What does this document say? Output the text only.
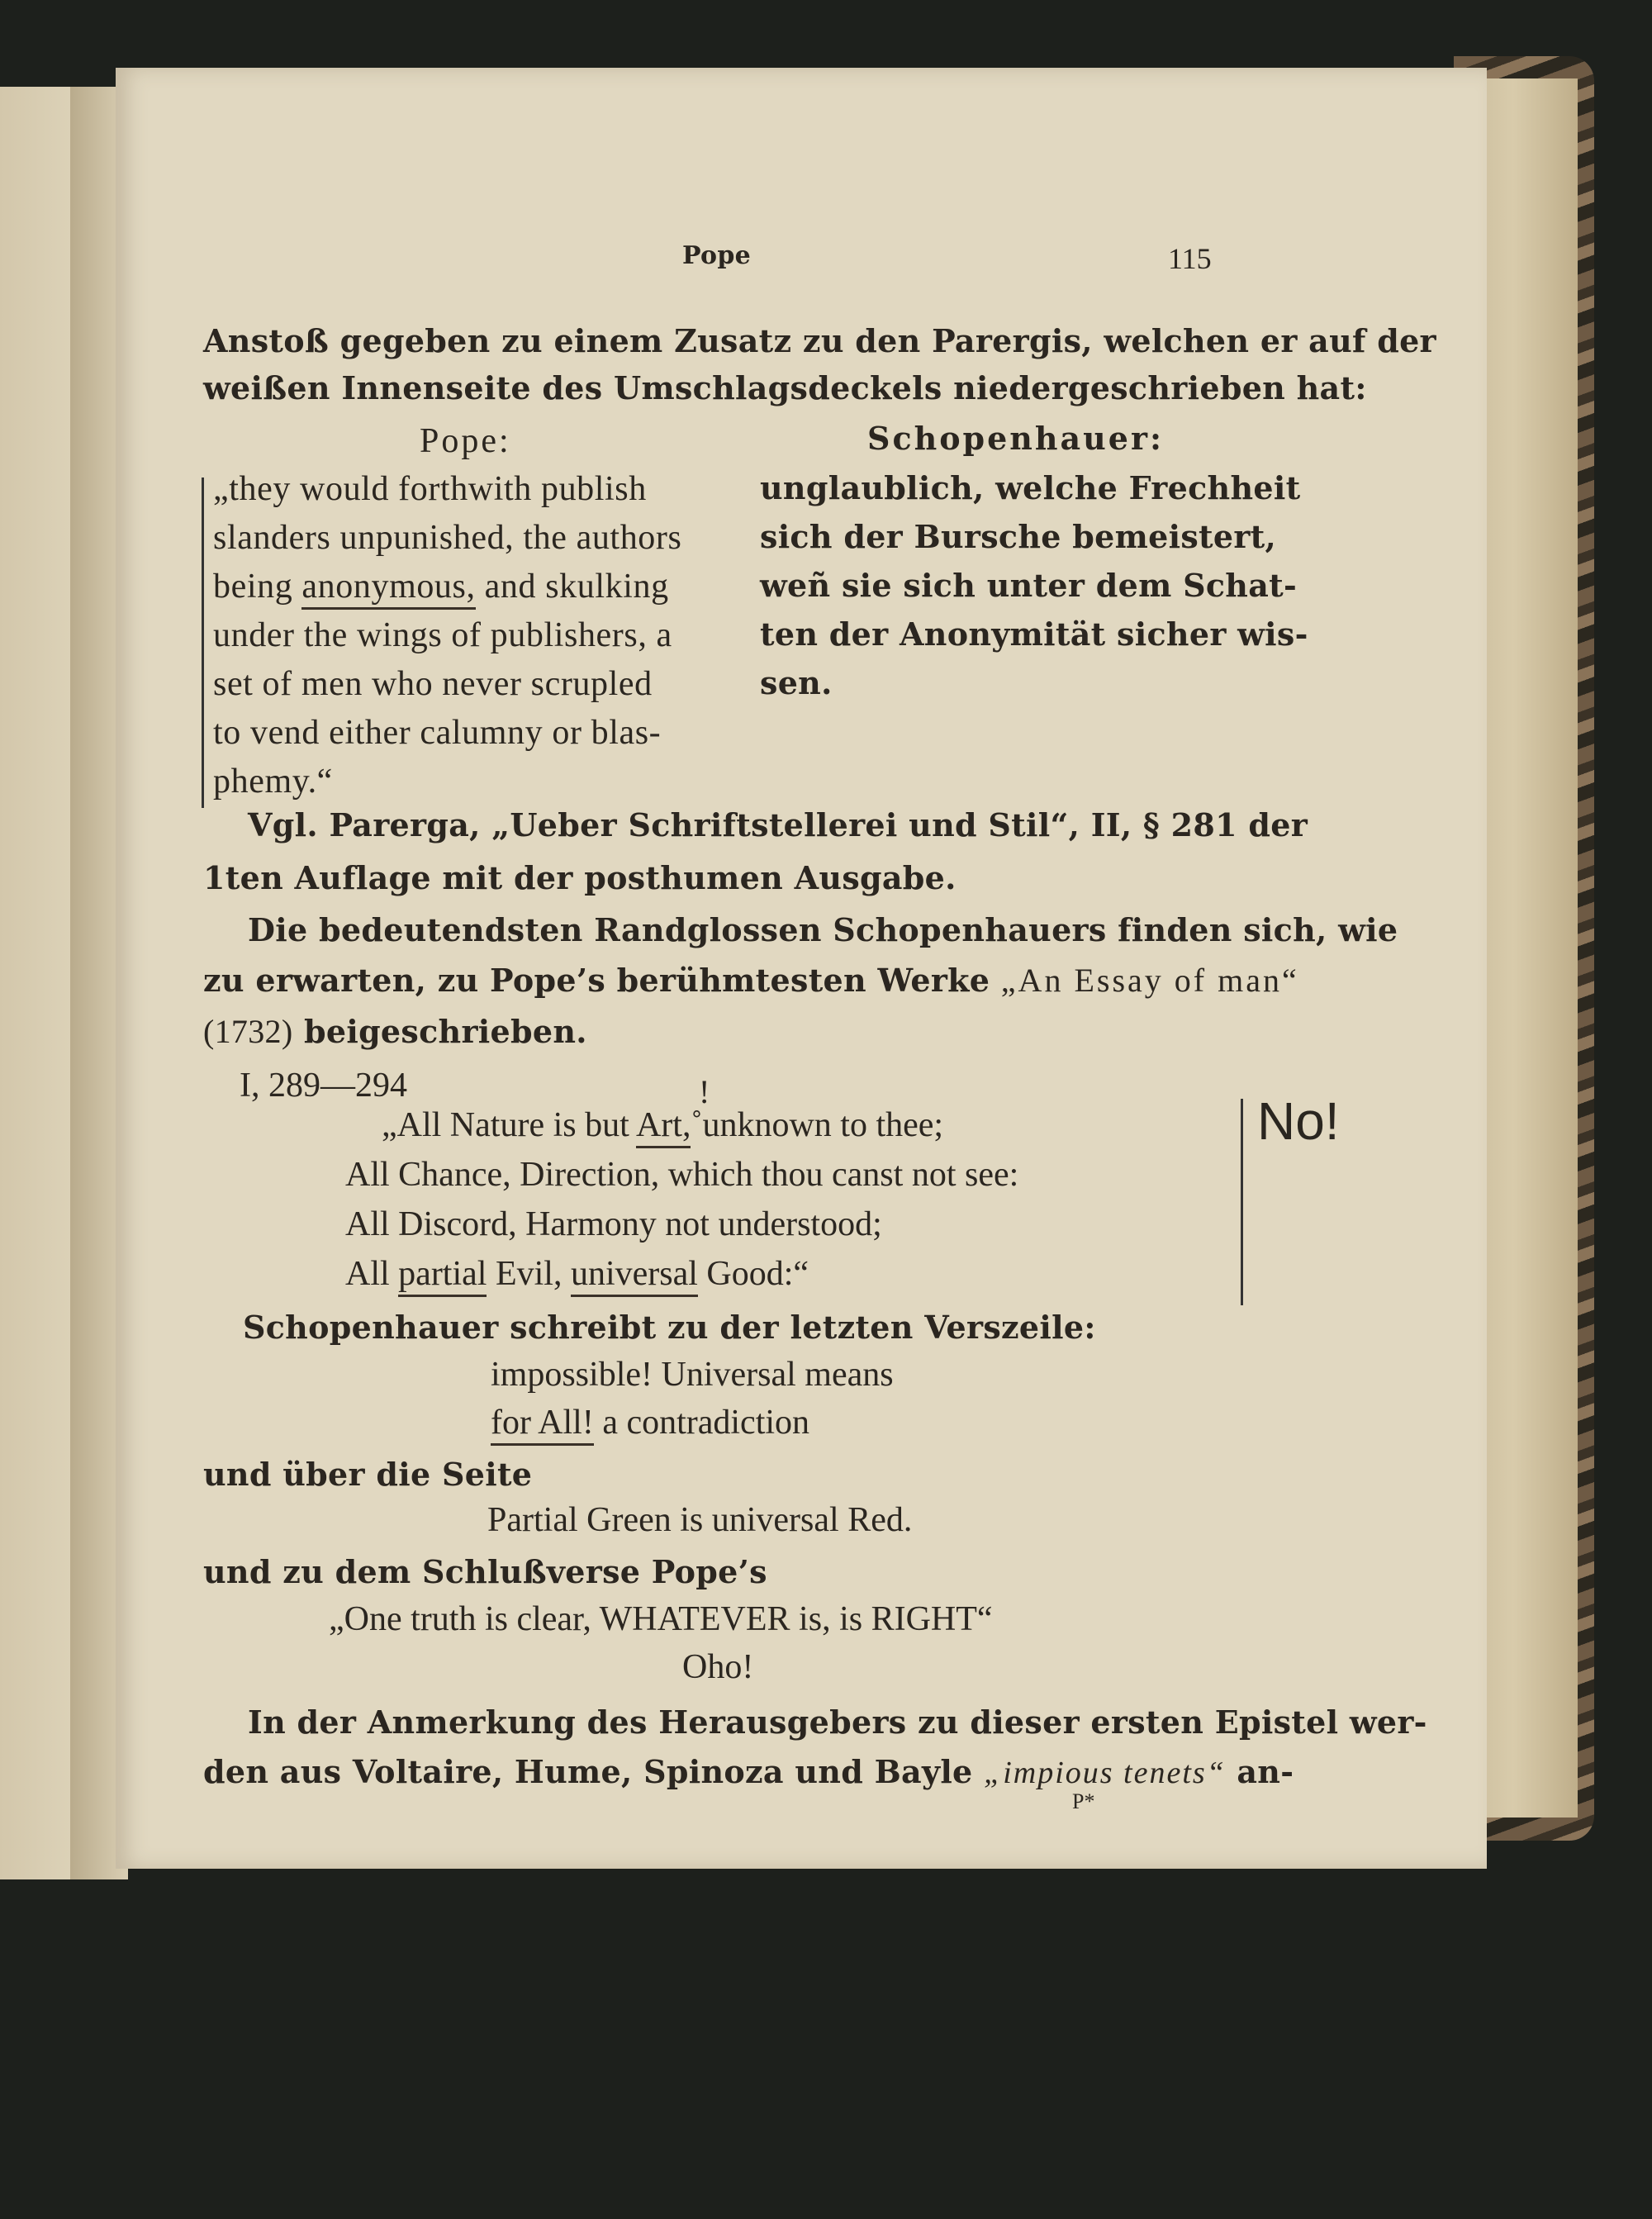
Pope	115
Anstoß gegeben zu einem Zusatz zu den Parergis, welchen er auf der
weißen Innenseite des Umschlagsdeckels niedergeschrieben hat:
Pope:	Schopenhauer:
„they would forthwith publish
slanders unpunished, the authors
being anonymous, and skulking
under the wings of publishers, a
set of men who never scrupled
to vend either calumny or blas-
phemy.“
unglaublich, welche Frechheit
sich der Bursche bemeistert,
weñ sie sich unter dem Schat-
ten der Anonymität sicher wis-
sen.
Vgl. Parerga, „Ueber Schriftstellerei und Stil“, II, § 281 der
1ten Auflage mit der posthumen Ausgabe.
Die bedeutendsten Randglossen Schopenhauers finden sich, wie
zu erwarten, zu Pope’s berühmtesten Werke „An Essay of man“
(1732) beigeschrieben.
I, 289—294	!
„All Nature is but Art,˚unknown to thee;
All Chance, Direction, which thou canst not see:
All Discord, Harmony not understood;
All partial Evil, universal Good:“
No!
Schopenhauer schreibt zu der letzten Verszeile:
impossible! Universal means
for All! a contradiction
und über die Seite
Partial Green is universal Red.
und zu dem Schlußverse Pope’s
„One truth is clear, WHATEVER is, is RIGHT“
Oho!
In der Anmerkung des Herausgebers zu dieser ersten Epistel wer-
den aus Voltaire, Hume, Spinoza und Bayle „impious tenets“ an-
P*
